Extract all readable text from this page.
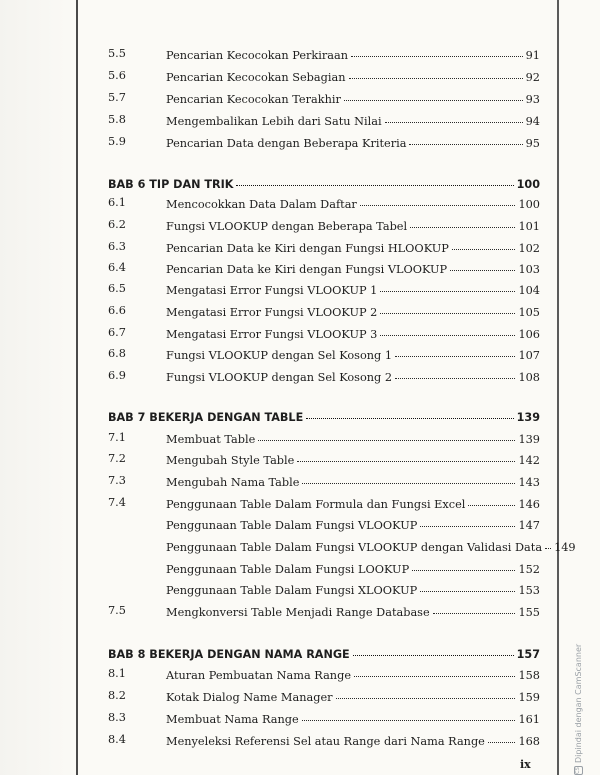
5.5	Pencarian Kecocokan Perkiraan	91
5.6	Pencarian Kecocokan Sebagian	92
5.7	Pencarian Kecocokan Terakhir	93
5.8	Mengembalikan Lebih dari Satu Nilai	94
5.9	Pencarian Data dengan Beberapa Kriteria	95
BAB 6 TIP DAN TRIK	100
6.1	Mencocokkan Data Dalam Daftar	100
6.2	Fungsi VLOOKUP dengan Beberapa Tabel	101
6.3	Pencarian Data ke Kiri dengan Fungsi HLOOKUP	102
6.4	Pencarian Data ke Kiri dengan Fungsi VLOOKUP	103
6.5	Mengatasi Error Fungsi VLOOKUP 1	104
6.6	Mengatasi Error Fungsi VLOOKUP 2	105
6.7	Mengatasi Error Fungsi VLOOKUP 3	106
6.8	Fungsi VLOOKUP dengan Sel Kosong 1	107
6.9	Fungsi VLOOKUP dengan Sel Kosong 2	108
BAB 7 BEKERJA DENGAN TABLE	139
7.1	Membuat Table	139
7.2	Mengubah Style Table	142
7.3	Mengubah Nama Table	143
7.4	Penggunaan Table Dalam Formula dan Fungsi Excel	146
Penggunaan Table Dalam Fungsi VLOOKUP	147
Penggunaan Table Dalam Fungsi VLOOKUP dengan Validasi Data 149
Penggunaan Table Dalam Fungsi LOOKUP	152
Penggunaan Table Dalam Fungsi XLOOKUP	153
7.5	Mengkonversi Table Menjadi Range Database	155
BAB 8 BEKERJA DENGAN NAMA RANGE	157
8.1	Aturan Pembuatan Nama Range	158
8.2	Kotak Dialog Name Manager	159
8.3	Membuat Nama Range	161
8.4	Menyeleksi Referensi Sel atau Range dari Nama Range	168
ix	CSDipindai dengan CamScanner
